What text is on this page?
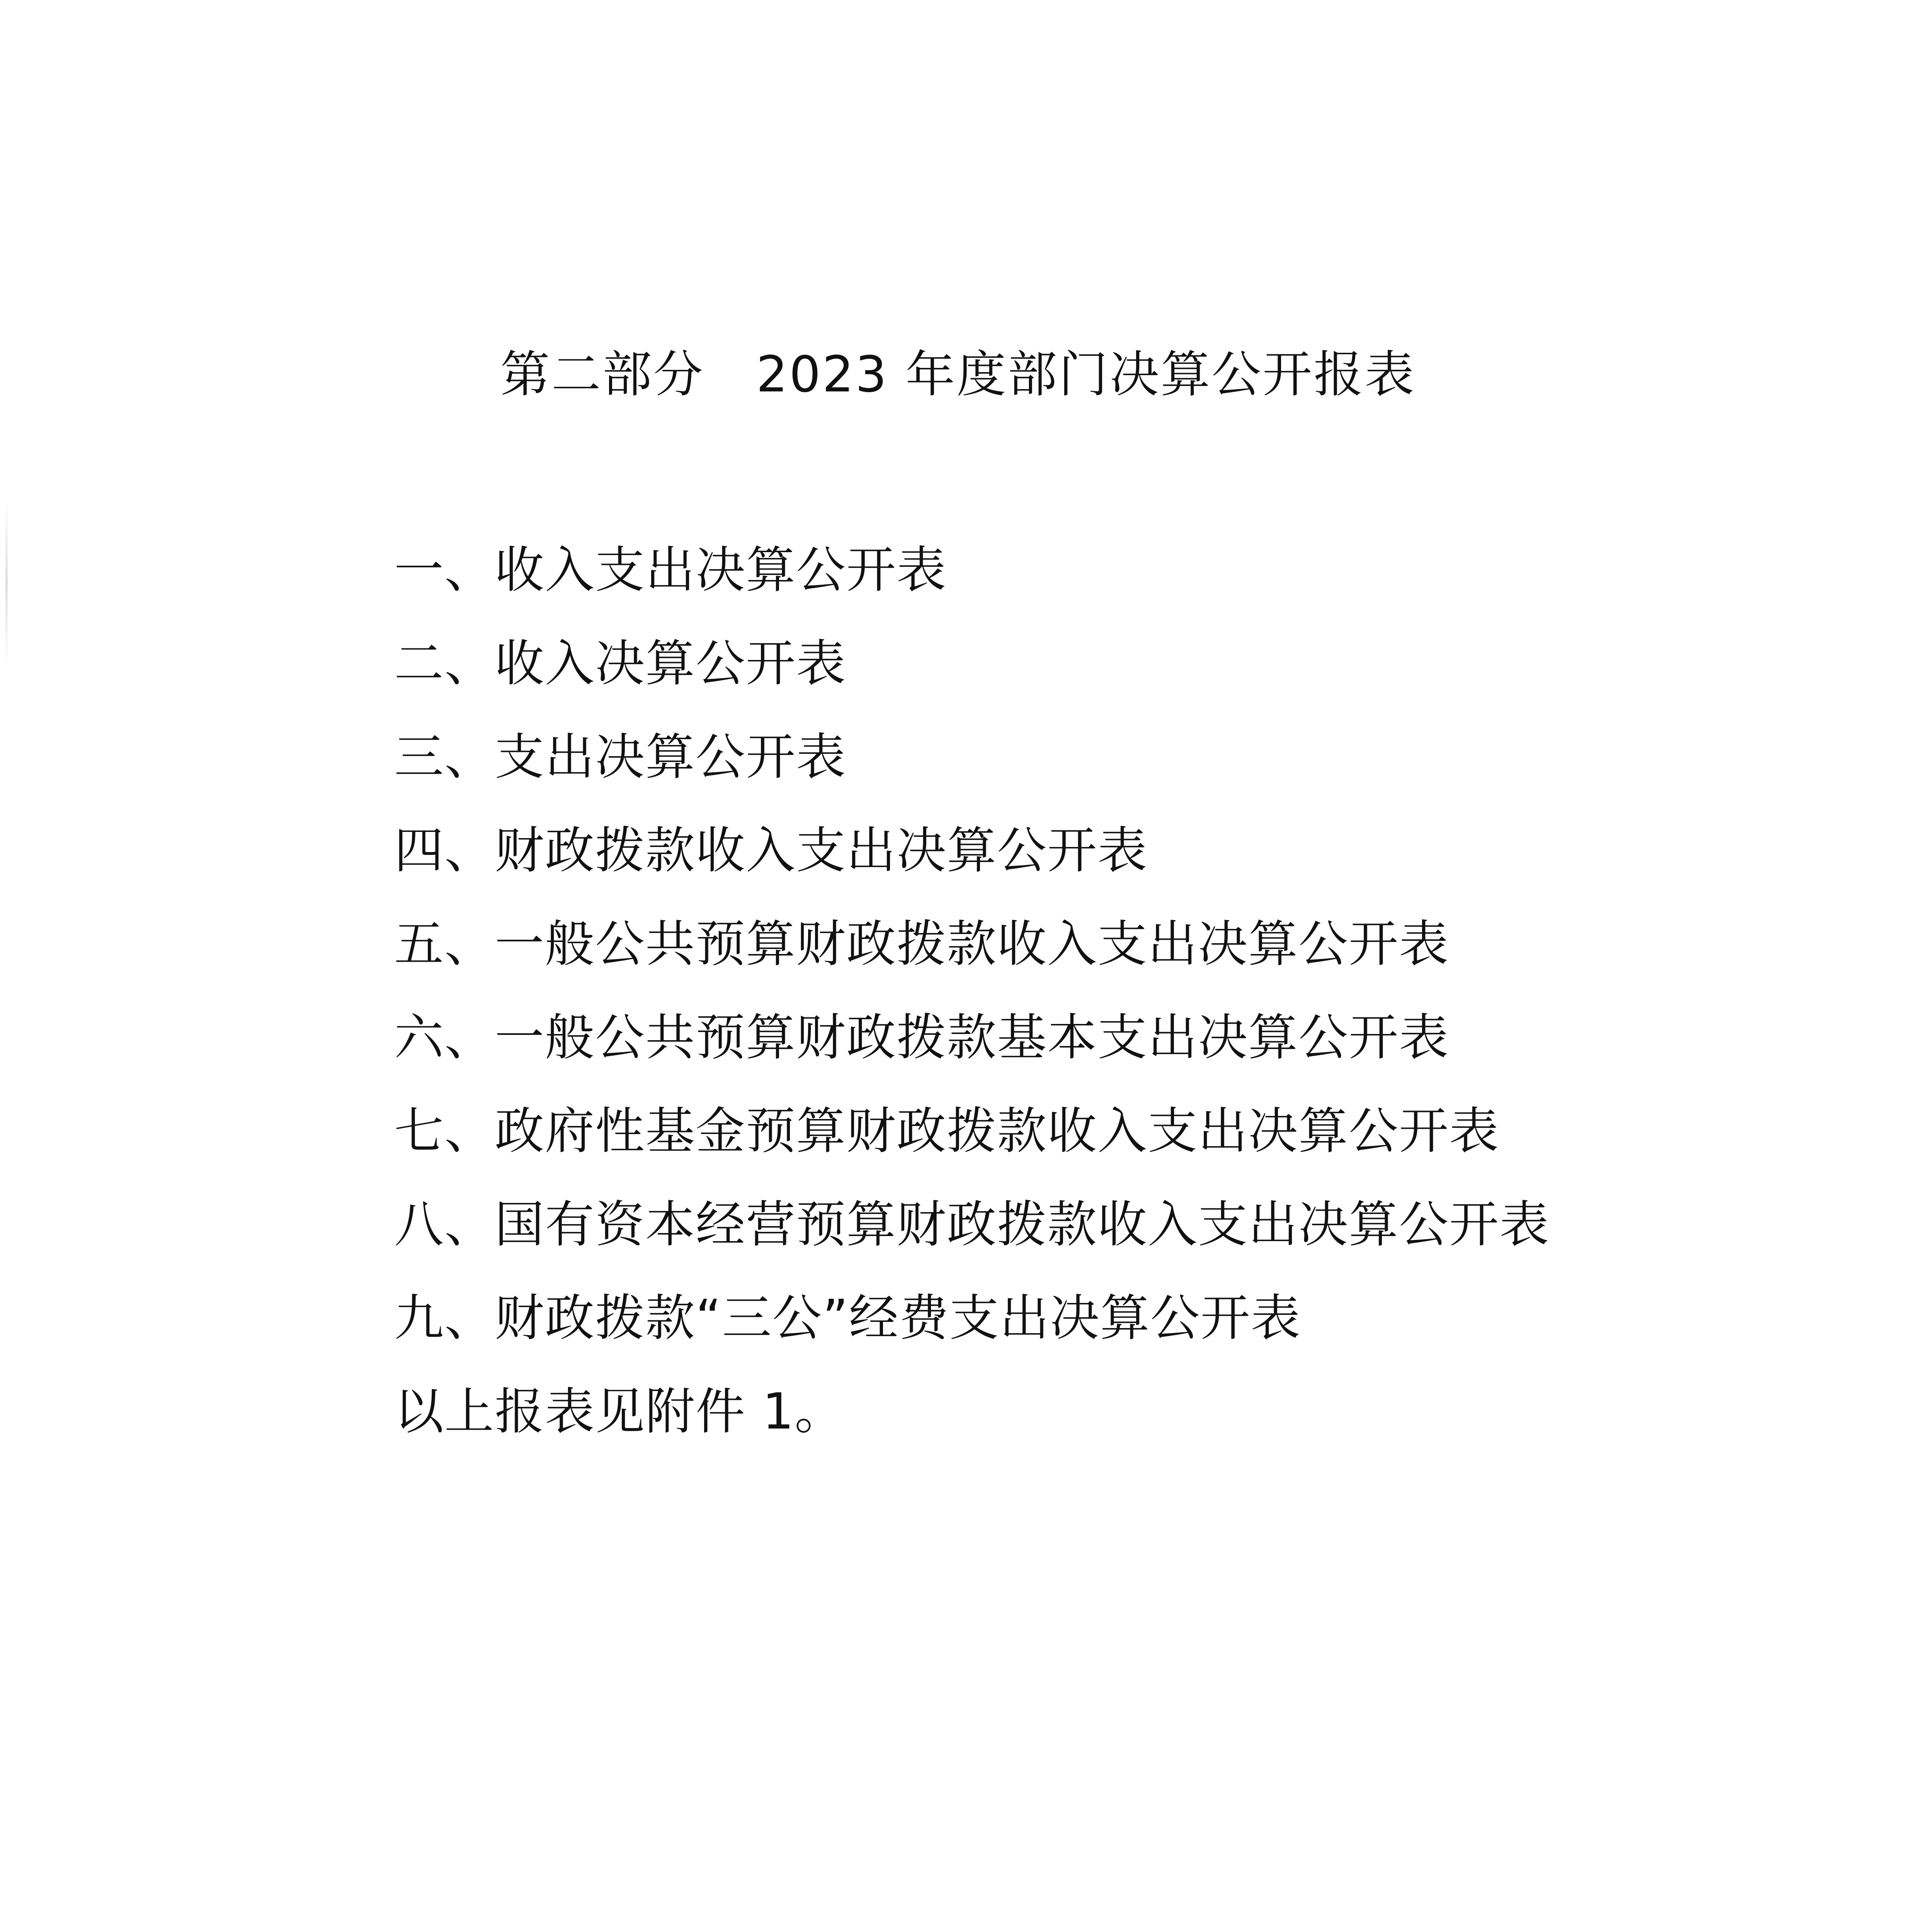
第二部分   2023 年度部门决算公开报表
一、收入支出决算公开表
二、收入决算公开表
三、支出决算公开表
四、财政拨款收入支出决算公开表
五、一般公共预算财政拨款收入支出决算公开表
六、一般公共预算财政拨款基本支出决算公开表
七、政府性基金预算财政拨款收入支出决算公开表
八、国有资本经营预算财政拨款收入支出决算公开表
九、财政拨款“三公”经费支出决算公开表
以上报表见附件 1。
